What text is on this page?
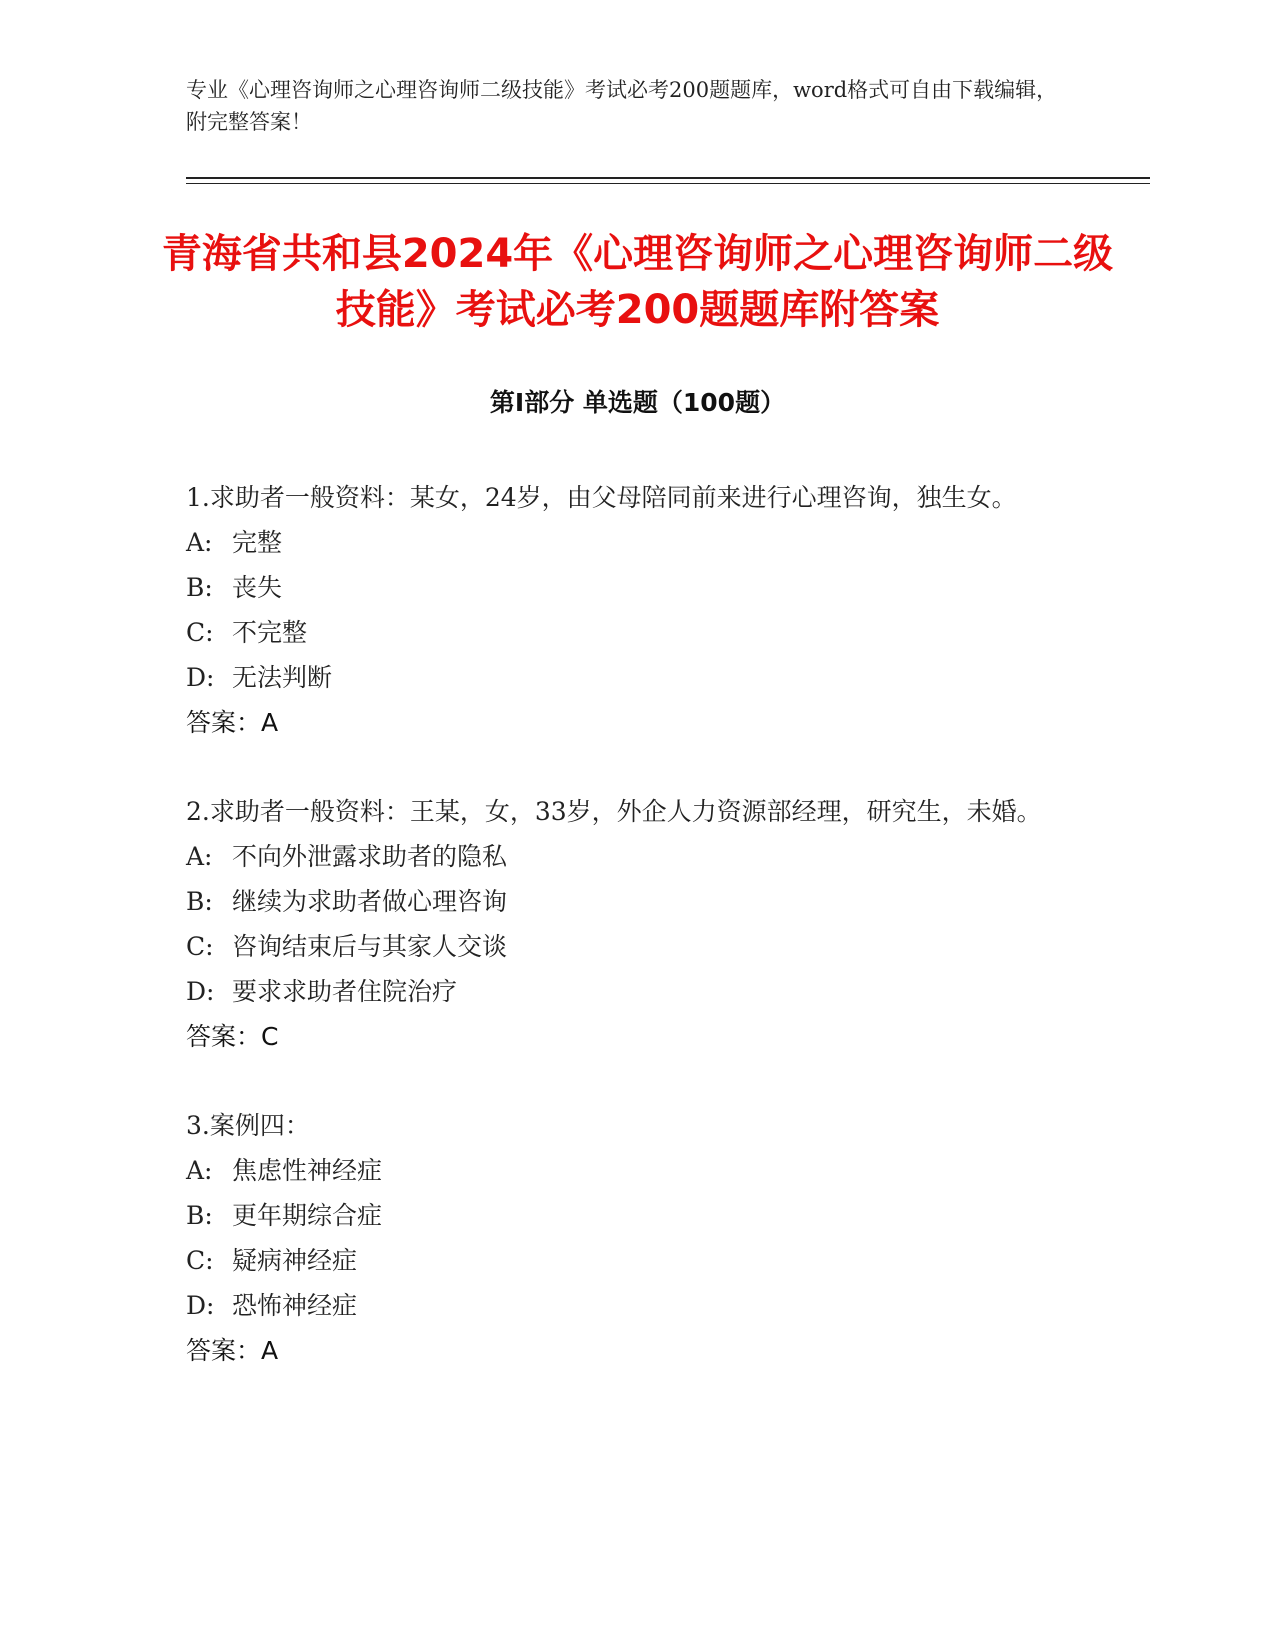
专业《心理咨询师之心理咨询师二级技能》考试必考200题题库，word格式可自由下载编辑，附完整答案！
青海省共和县2024年《心理咨询师之心理咨询师二级技能》考试必考200题题库附答案
第Ⅰ部分 单选题（100题）
1.求助者一般资料：某女，24岁，由父母陪同前来进行心理咨询，独生女。
A: 完整
B: 丧失
C: 不完整
D: 无法判断
答案：A
2.求助者一般资料：王某，女，33岁，外企人力资源部经理，研究生，未婚。
A: 不向外泄露求助者的隐私
B: 继续为求助者做心理咨询
C: 咨询结束后与其家人交谈
D: 要求求助者住院治疗
答案：C
3.案例四：
A: 焦虑性神经症
B: 更年期综合症
C: 疑病神经症
D: 恐怖神经症
答案：A
